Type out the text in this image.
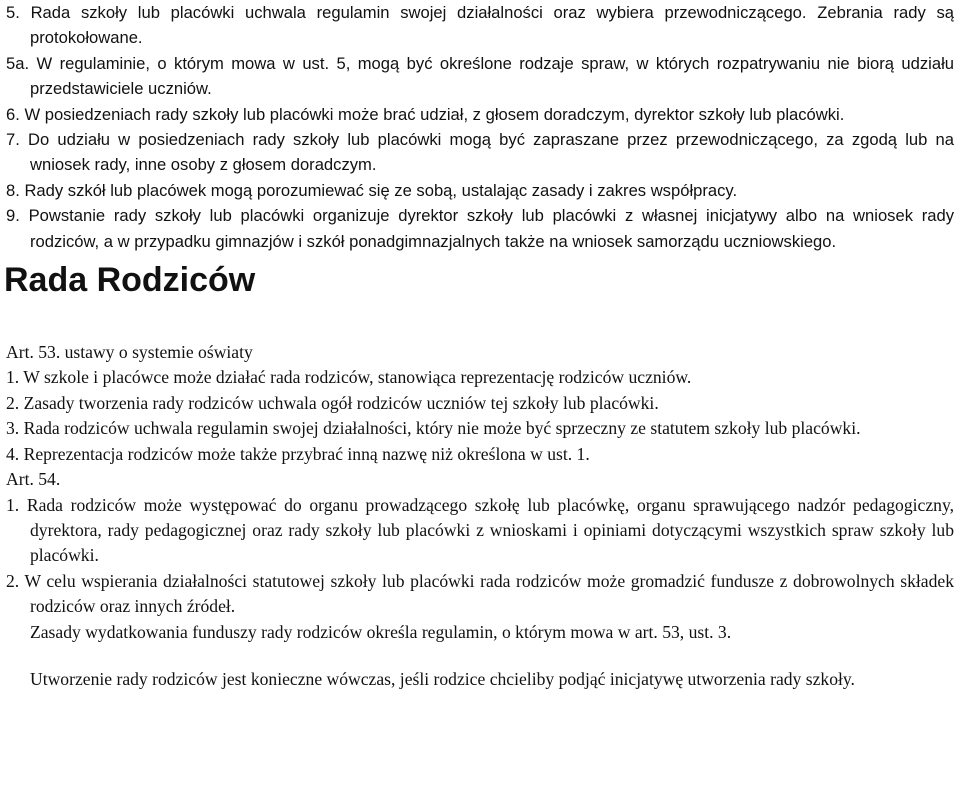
5. Rada szkoły lub placówki uchwala regulamin swojej działalności oraz wybiera przewodniczącego. Zebrania rady są protokołowane.

5a. W regulaminie, o którym mowa w ust. 5, mogą być określone rodzaje spraw, w których rozpatrywaniu nie biorą udziału przedstawiciele uczniów.

6. W posiedzeniach rady szkoły lub placówki może brać udział, z głosem doradczym, dyrektor szkoły lub placówki.

7. Do udziału w posiedzeniach rady szkoły lub placówki mogą być zapraszane przez przewodniczącego, za zgodą lub na wniosek rady, inne osoby z głosem doradczym.

8. Rady szkół lub placówek mogą porozumiewać się ze sobą, ustalając zasady i zakres współpracy.

9. Powstanie rady szkoły lub placówki organizuje dyrektor szkoły lub placówki z własnej inicjatywy albo na wniosek rady rodziców, a w przypadku gimnazjów i szkół ponadgimnazjalnych także na wniosek samorządu uczniowskiego.

Rada Rodziców

Art. 53. ustawy o systemie oświaty

1. W szkole i placówce może działać rada rodziców, stanowiąca reprezentację rodziców uczniów.

2. Zasady tworzenia rady rodziców uchwala ogół rodziców uczniów tej szkoły lub placówki.

3. Rada rodziców uchwala regulamin swojej działalności, który nie może być sprzeczny ze statutem szkoły lub placówki.

4. Reprezentacja rodziców może także przybrać inną nazwę niż określona w ust. 1.

Art. 54.

1. Rada rodziców może występować do organu prowadzącego szkołę lub placówkę, organu sprawującego nadzór pedagogiczny, dyrektora, rady pedagogicznej oraz rady szkoły lub placówki z wnioskami i opiniami dotyczącymi wszystkich spraw szkoły lub placówki.

2. W celu wspierania działalności statutowej szkoły lub placówki rada rodziców może gromadzić fundusze z dobrowolnych składek rodziców oraz innych źródeł.

Zasady wydatkowania funduszy rady rodziców określa regulamin, o którym mowa w art. 53, ust. 3.

Utworzenie rady rodziców jest konieczne wówczas, jeśli rodzice chcieliby podjąć inicjatywę utworzenia rady szkoły.
